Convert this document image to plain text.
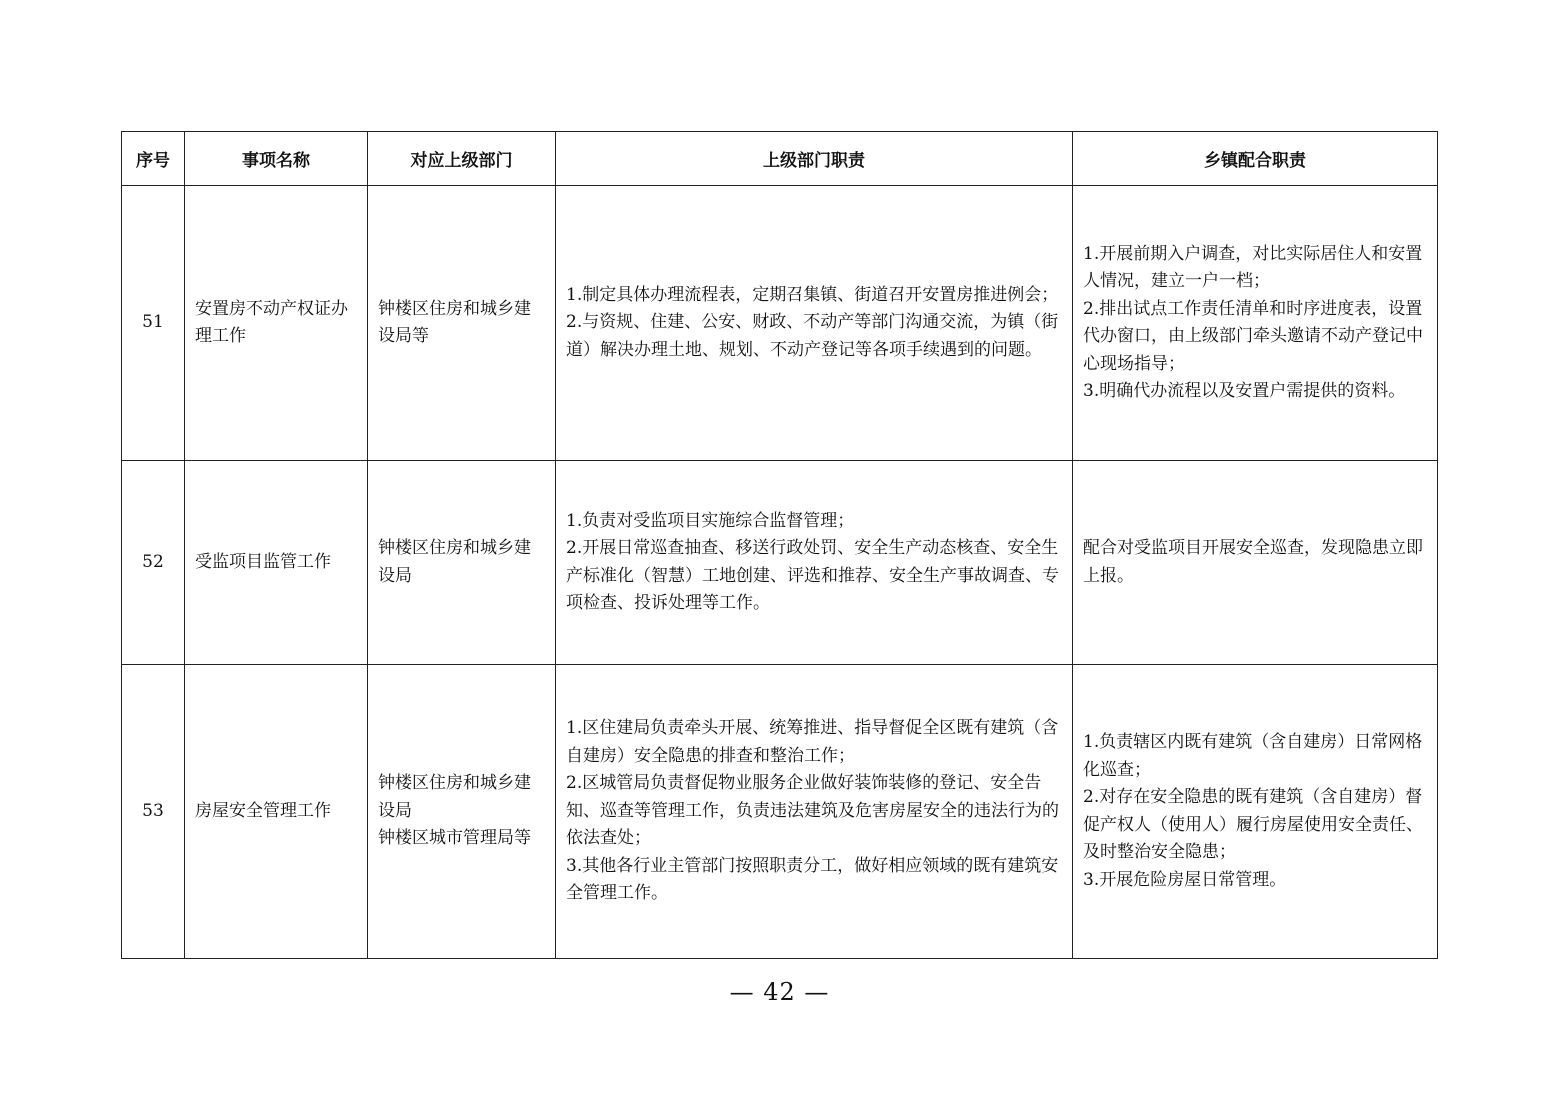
序号	事项名称	对应上级部门	上级部门职责	乡镇配合职责
51	安置房不动产权证办理工作	钟楼区住房和城乡建设局等	1.制定具体办理流程表，定期召集镇、街道召开安置房推进例会；
2.与资规、住建、公安、财政、不动产等部门沟通交流，为镇（街道）解决办理土地、规划、不动产登记等各项手续遇到的问题。	1.开展前期入户调查，对比实际居住人和安置人情况，建立一户一档；
2.排出试点工作责任清单和时序进度表，设置代办窗口，由上级部门牵头邀请不动产登记中心现场指导；
3.明确代办流程以及安置户需提供的资料。
52	受监项目监管工作	钟楼区住房和城乡建设局	1.负责对受监项目实施综合监督管理；
2.开展日常巡查抽查、移送行政处罚、安全生产动态核查、安全生产标准化（智慧）工地创建、评选和推荐、安全生产事故调查、专项检查、投诉处理等工作。	配合对受监项目开展安全巡查，发现隐患立即上报。
53	房屋安全管理工作	钟楼区住房和城乡建设局
钟楼区城市管理局等	1.区住建局负责牵头开展、统筹推进、指导督促全区既有建筑（含自建房）安全隐患的排查和整治工作；
2.区城管局负责督促物业服务企业做好装饰装修的登记、安全告知、巡查等管理工作，负责违法建筑及危害房屋安全的违法行为的依法查处；
3.其他各行业主管部门按照职责分工，做好相应领域的既有建筑安全管理工作。	1.负责辖区内既有建筑（含自建房）日常网格化巡查；
2.对存在安全隐患的既有建筑（含自建房）督促产权人（使用人）履行房屋使用安全责任、及时整治安全隐患；
3.开展危险房屋日常管理。
— 42 —
